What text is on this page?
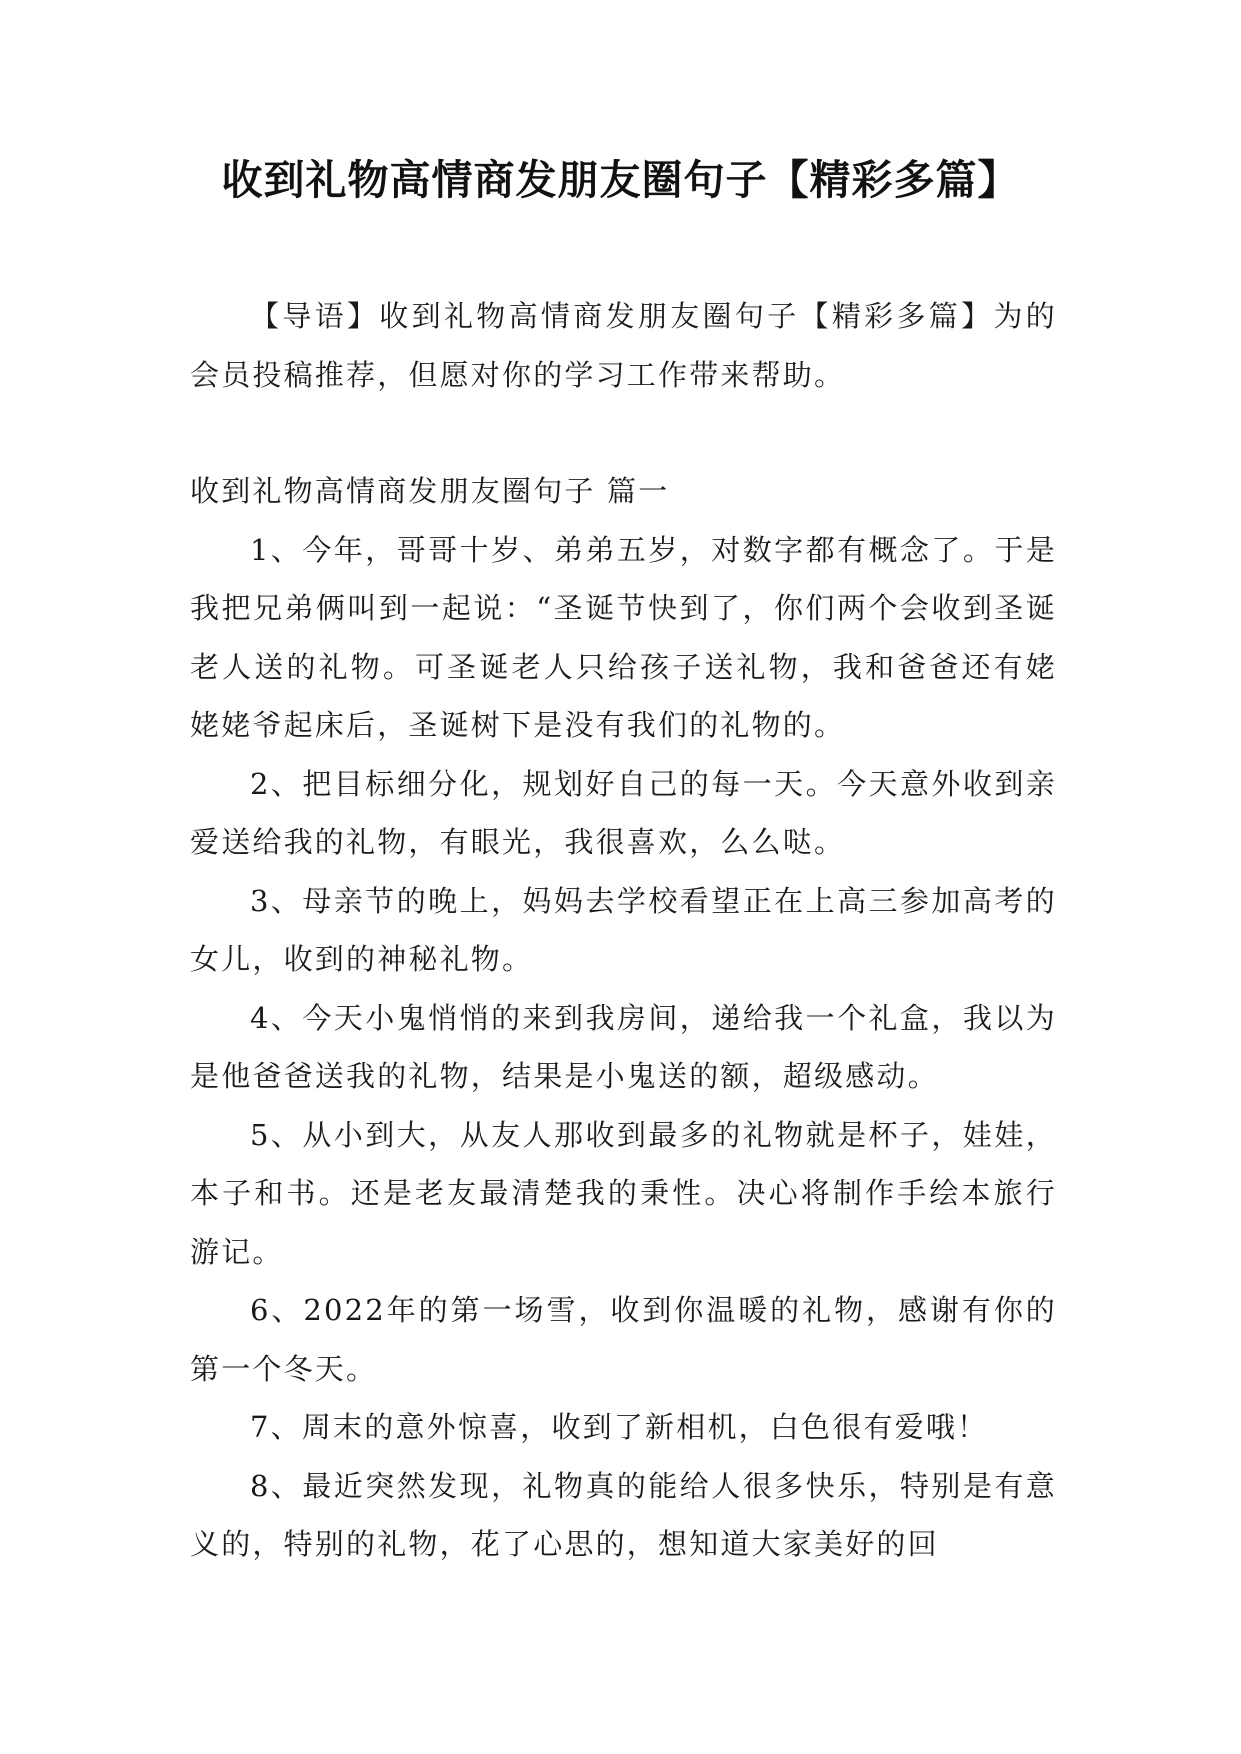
收到礼物高情商发朋友圈句子【精彩多篇】

【导语】收到礼物高情商发朋友圈句子【精彩多篇】为的会员投稿推荐，但愿对你的学习工作带来帮助。

收到礼物高情商发朋友圈句子 篇一

1、今年，哥哥十岁、弟弟五岁，对数字都有概念了。于是我把兄弟俩叫到一起说：“圣诞节快到了，你们两个会收到圣诞老人送的礼物。可圣诞老人只给孩子送礼物，我和爸爸还有姥姥姥爷起床后，圣诞树下是没有我们的礼物的。

2、把目标细分化，规划好自己的每一天。今天意外收到亲爱送给我的礼物，有眼光，我很喜欢，么么哒。

3、母亲节的晚上，妈妈去学校看望正在上高三参加高考的女儿，收到的神秘礼物。

4、今天小鬼悄悄的来到我房间，递给我一个礼盒，我以为是他爸爸送我的礼物，结果是小鬼送的额，超级感动。

5、从小到大，从友人那收到最多的礼物就是杯子，娃娃，本子和书。还是老友最清楚我的秉性。决心将制作手绘本旅行游记。

6、2022年的第一场雪，收到你温暖的礼物，感谢有你的第一个冬天。

7、周末的意外惊喜，收到了新相机，白色很有爱哦！

8、最近突然发现，礼物真的能给人很多快乐，特别是有意义的，特别的礼物，花了心思的，想知道大家美好的回
